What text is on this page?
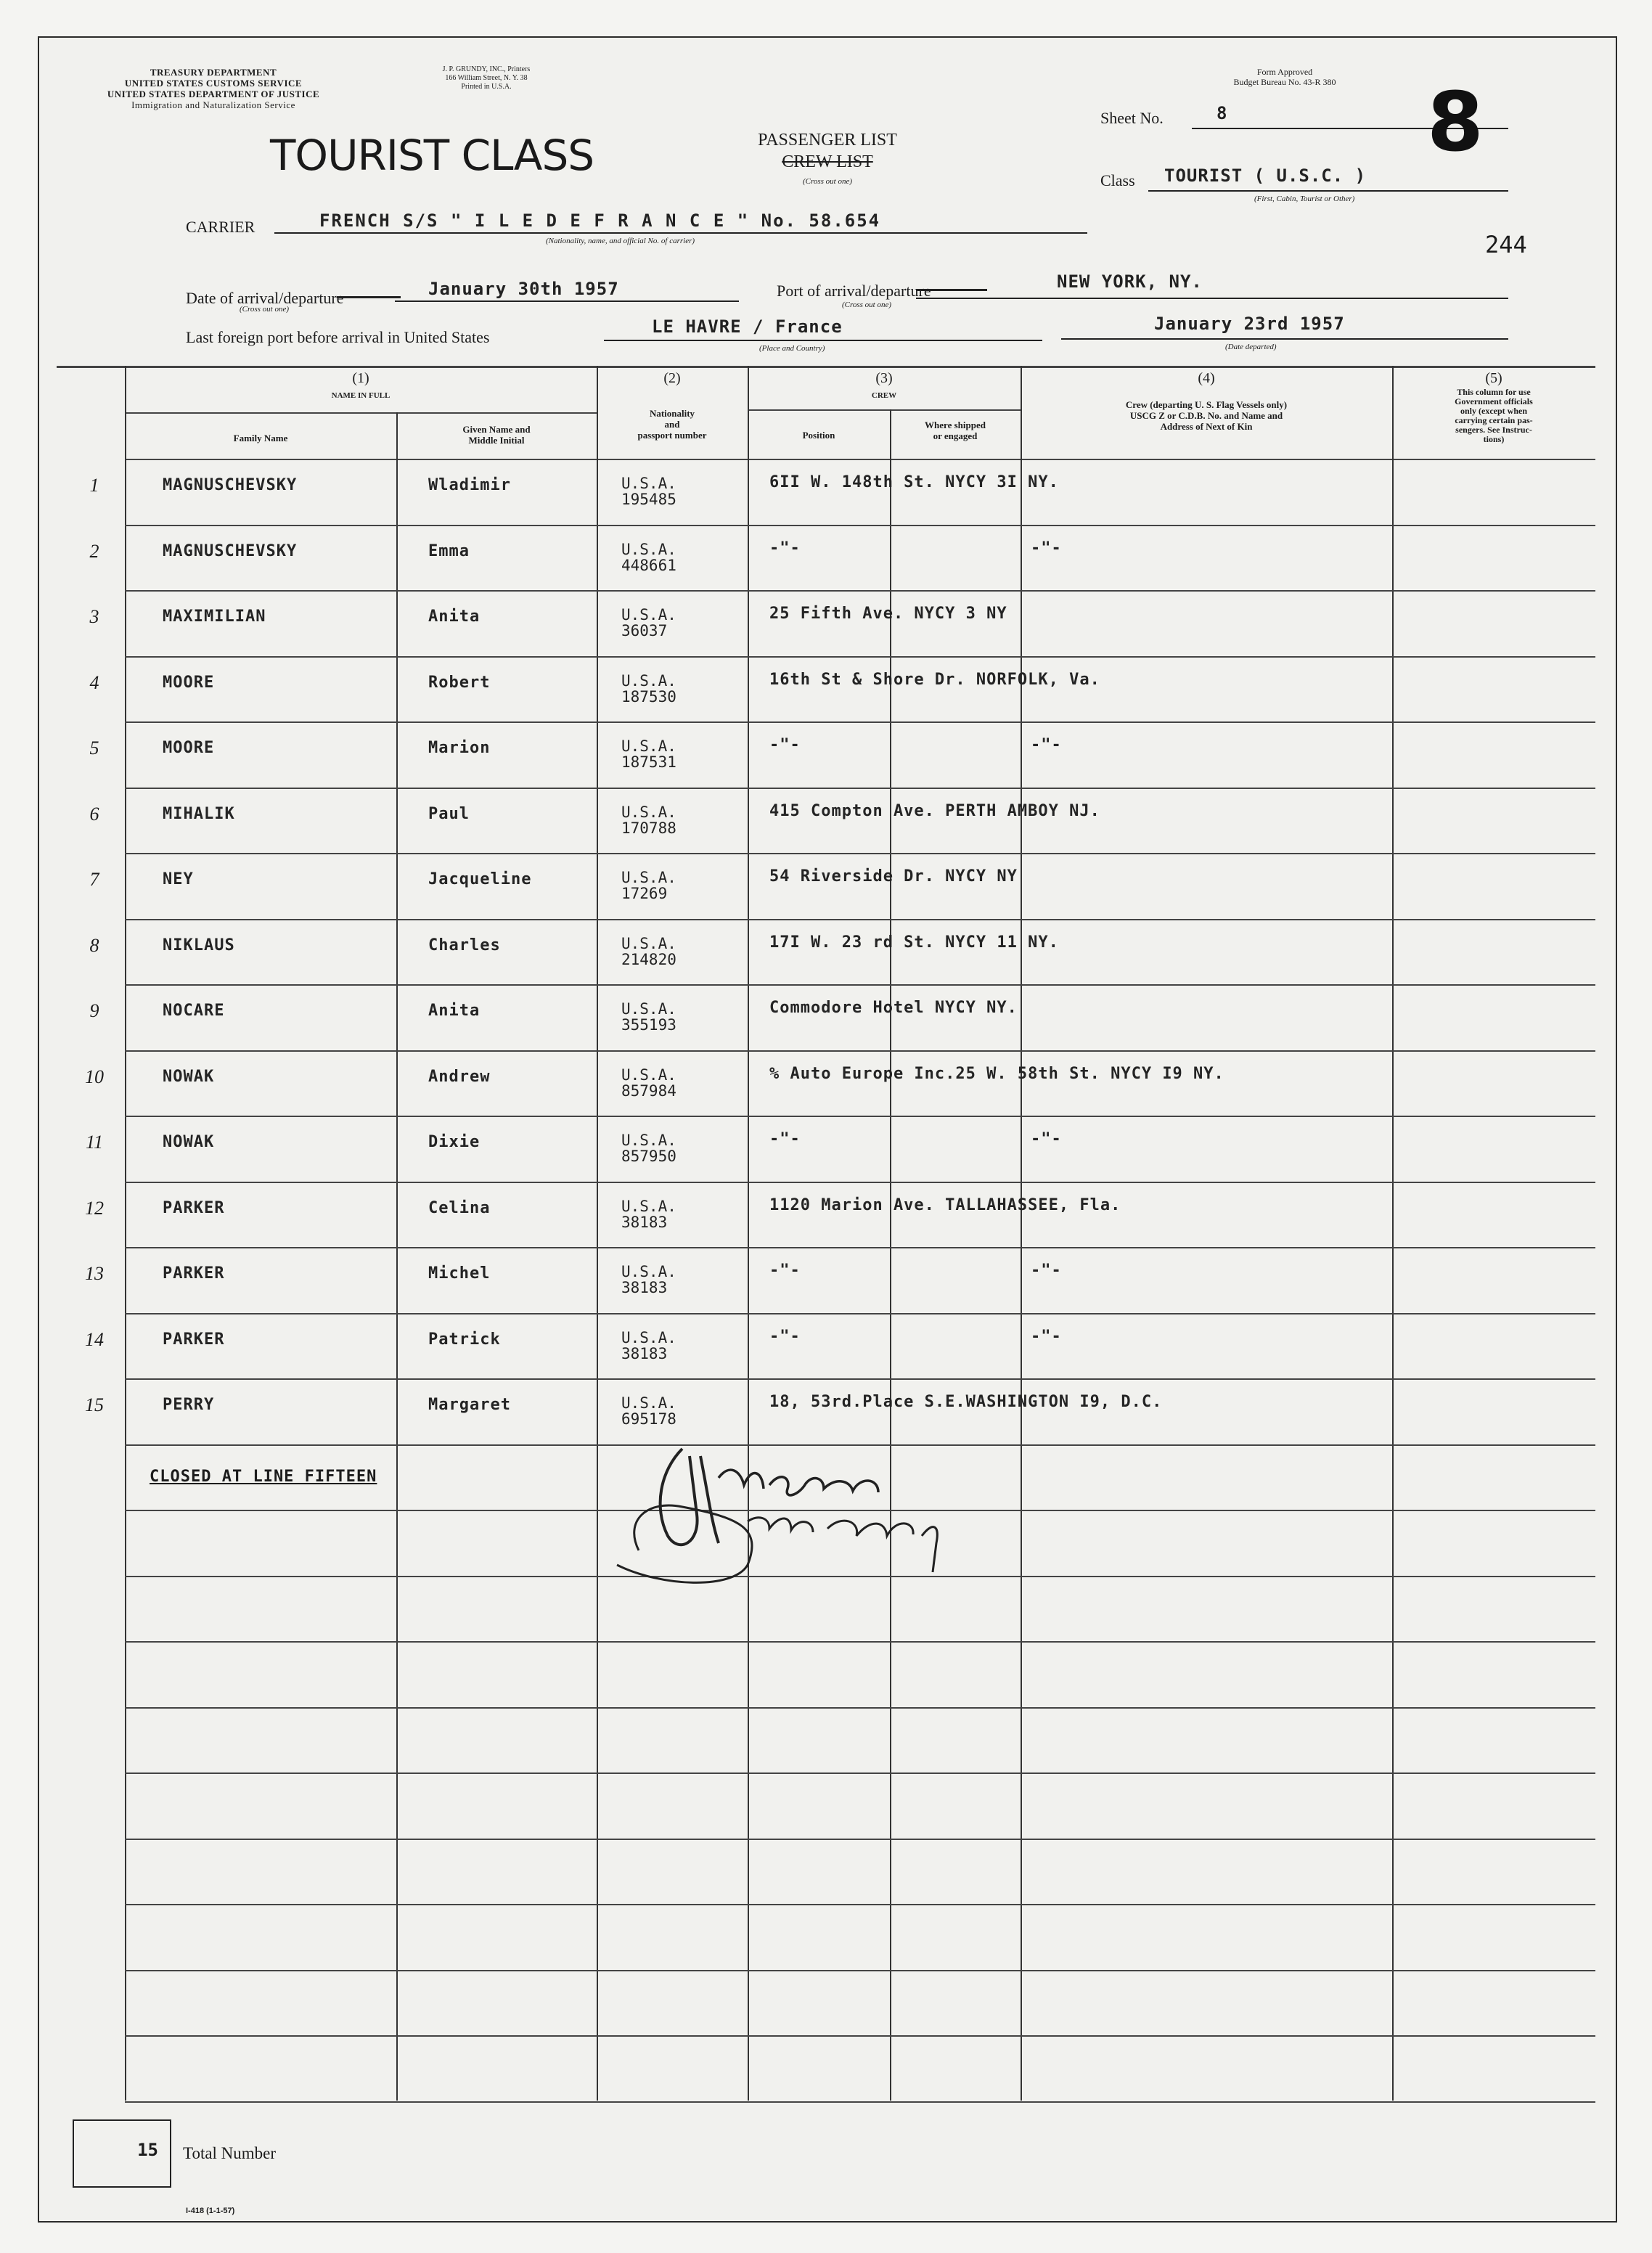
TREASURY DEPARTMENT
UNITED STATES CUSTOMS SERVICE
UNITED STATES DEPARTMENT OF JUSTICE
Immigration and Naturalization Service
J. P. GRUNDY, INC., Printers
166 William Street, N. Y. 38
Printed in U.S.A.
Form Approved
Budget Bureau No. 43-R 380
TOURIST CLASS	PASSENGER LIST
CREW LIST
(Cross out one)
Sheet No.	8 8
Class TOURIST ( U.S.C. )
(First, Cabin, Tourist or Other)
244
CARRIER	FRENCH S/S " I L E D E F R A N C E " No. 58.654
(Nationality, name, and official No. of carrier)
Date of arrival/departure
(Cross out one)
January 30th 1957	Port of arrival/departure
(Cross out one)
NEW YORK, NY.
Last foreign port before arrival in United States
LE HAVRE / France
(Place and Country)
January 23rd 1957
(Date departed)
(1)
NAME IN FULL
Family Name
Given Name and
Middle Initial
(2)
Nationality
and
passport number
(3)
CREW
Position
Where shipped
or engaged
(4)
Crew (departing U. S. Flag Vessels only)
USCG Z or C.D.B. No. and Name and
Address of Next of Kin
(5)
This column for use
Government officials
only (except when
carrying certain pas-
sengers. See Instruc-
tions)
1	MAGNUSCHEVSKY	Wladimir	U.S.A.
195485
6II W. 148th St. NYCY 3I NY.
2	MAGNUSCHEVSKY	Emma	U.S.A.
448661
-"-	-"-
3	MAXIMILIAN	Anita	U.S.A.
36037
25 Fifth Ave. NYCY 3 NY
4	MOORE	Robert	U.S.A.
187530
16th St & Shore Dr. NORFOLK, Va.
5	MOORE	Marion	U.S.A.
187531
-"-	-"-
6	MIHALIK	Paul	U.S.A.
170788
415 Compton Ave. PERTH AMBOY NJ.
7	NEY	Jacqueline	U.S.A.
17269
54 Riverside Dr. NYCY NY
8	NIKLAUS	Charles	U.S.A.
214820
17I W. 23 rd St. NYCY 11 NY.
9	NOCARE	Anita	U.S.A.
355193
Commodore Hotel NYCY NY.
10	NOWAK	Andrew	U.S.A.
857984
% Auto Europe Inc.25 W. 58th St. NYCY I9 NY.
11	NOWAK	Dixie	U.S.A.
857950
-"-	-"-
12	PARKER	Celina	U.S.A.
38183
1120 Marion Ave. TALLAHASSEE, Fla.
13	PARKER	Michel	U.S.A.
38183
-"-	-"-
14	PARKER	Patrick	U.S.A.
38183
-"-	-"-
15	PERRY	Margaret	U.S.A.
695178
18, 53rd.Place S.E.WASHINGTON I9, D.C.
CLOSED AT LINE FIFTEEN
J M Moreno Imm Insp
15	Total Number
I-418 (1-1-57)
